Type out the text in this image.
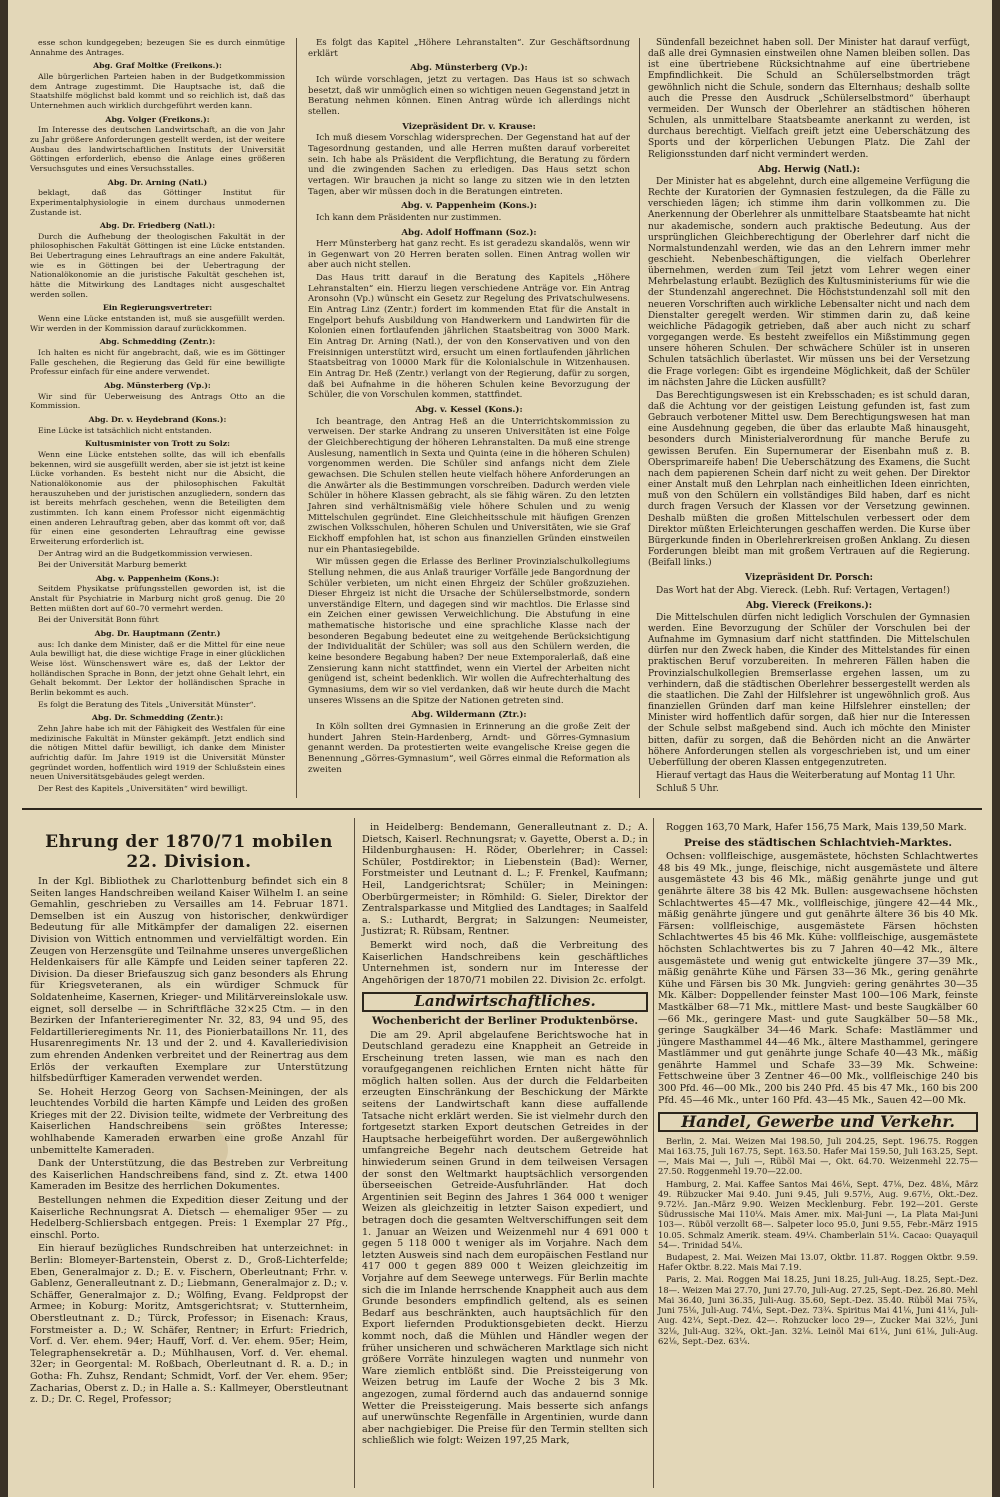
esse schon kundgegeben; bezeugen Sie es durch einmütige Annahme des Antrages.

Abg. Graf Moltke (Freikons.):

Alle bürgerlichen Parteien haben in der Budgetkommission dem Antrage zugestimmt. Die Hauptsache ist, daß die Staatshilfe möglichst bald kommt und so reichlich ist, daß das Unternehmen auch wirklich durchgeführt werden kann.

Abg. Volger (Freikons.):

Im Interesse des deutschen Landwirtschaft, an die von Jahr zu Jahr größere Anforderungen gestellt werden, ist der weitere Ausbau des landwirtschaftlichen Instituts der Universität Göttingen erforderlich, ebenso die Anlage eines größeren Versuchsgutes und eines Versuchsstalles.

Abg. Dr. Arning (Natl.)

beklagt, daß das Göttinger Institut für Experimentalphysiologie in einem durchaus unmodernen Zustande ist.

Abg. Dr. Friedberg (Natl.):

Durch die Aufhebung der theologischen Fakultät in der philosophischen Fakultät Göttingen ist eine Lücke entstanden. Bei Uebertragung eines Lehrauftrags an eine andere Fakultät, wie es in Göttingen bei der Uebertragung der Nationalökonomie an die juristische Fakultät geschehen ist, hätte die Mitwirkung des Landtages nicht ausgeschaltet werden sollen.

Ein Regierungsvertreter:

Wenn eine Lücke entstanden ist, muß sie ausgefüllt werden. Wir werden in der Kommission darauf zurückkommen.

Abg. Schmedding (Zentr.):

Ich halten es nicht für angebracht, daß, wie es im Göttinger Falle geschehen, die Regierung das Geld für eine bewilligte Professur einfach für eine andere verwendet.

Abg. Münsterberg (Vp.):

Wir sind für Ueberweisung des Antrags Otto an die Kommission.

Abg. Dr. v. Heydebrand (Kons.):

Eine Lücke ist tatsächlich nicht entstanden.

Kultusminister von Trott zu Solz:

Wenn eine Lücke entstehen sollte, das will ich ebenfalls bekennen, wird sie ausgefüllt werden, aber sie ist jetzt ist keine Lücke vorhanden. Es besteht nicht nur die Absicht, die Nationalökonomie aus der philosophischen Fakultät herauszuheben und der juristischen anzugliedern, sondern das ist bereits mehrfach geschehen, wenn die Beteiligten dem zustimmten. Ich kann einem Professor nicht eigenmächtig einen anderen Lehrauftrag geben, aber das kommt oft vor, daß für einen eine gesonderten Lehrauftrag eine gewisse Erweiterung erforderlich ist.

Der Antrag wird an die Budgetkommission verwiesen.

Bei der Universität Marburg bemerkt

Abg. v. Pappenheim (Kons.):

Seitdem Physikatse prüfungsstellen geworden ist, ist die Anstalt für Psychiatrie in Marburg nicht groß genug. Die 20 Betten müßten dort auf 60–70 vermehrt werden.

Bei der Universität Bonn führt

Abg. Dr. Hauptmann (Zentr.)

aus: Ich danke dem Minister, daß er die Mittel für eine neue Aula bewilligt hat, die diese wichtige Frage in einer glücklichen Weise löst. Wünschenswert wäre es, daß der Lektor der holländischen Sprache in Bonn, der jetzt ohne Gehalt lehrt, ein Gehalt bekommt. Der Lektor der holländischen Sprache in Berlin bekommt es auch.

Es folgt die Beratung des Titels „Universität Münster“.

Abg. Dr. Schmedding (Zentr.):

Zehn Jahre habe ich mit der Fähigkeit des Westfalen für eine medizinische Fakultät in Münster gekämpft. Jetzt endlich sind die nötigen Mittel dafür bewilligt, ich danke dem Minister aufrichtig dafür. Im Jahre 1919 ist die Universität Münster gegründet worden, hoffentlich wird 1919 der Schlußstein eines neuen Universitätsgebäudes gelegt werden.

Der Rest des Kapitels „Universitäten“ wird bewilligt.

Es folgt das Kapitel „Höhere Lehranstalten“. Zur Geschäftsordnung erklärt

Abg. Münsterberg (Vp.):

Ich würde vorschlagen, jetzt zu vertagen. Das Haus ist so schwach besetzt, daß wir unmöglich einen so wichtigen neuen Gegenstand jetzt in Beratung nehmen können. Einen Antrag würde ich allerdings nicht stellen.

Vizepräsident Dr. v. Krause:

Ich muß diesem Vorschlag widersprechen. Der Gegenstand hat auf der Tagesordnung gestanden, und alle Herren mußten darauf vorbereitet sein. Ich habe als Präsident die Verpflichtung, die Beratung zu fördern und die zwingenden Sachen zu erledigen. Das Haus setzt schon vertagen. Wir brauchen ja nicht so lange zu sitzen wie in den letzten Tagen, aber wir müssen doch in die Beratungen eintreten.

Abg. v. Pappenheim (Kons.):

Ich kann dem Präsidenten nur zustimmen.

Abg. Adolf Hoffmann (Soz.):

Herr Münsterberg hat ganz recht. Es ist geradezu skandalös, wenn wir in Gegenwart von 20 Herren beraten sollen. Einen Antrag wollen wir aber auch nicht stellen.

Das Haus tritt darauf in die Beratung des Kapitels „Höhere Lehranstalten“ ein. Hierzu liegen verschiedene Anträge vor. Ein Antrag Aronsohn (Vp.) wünscht ein Gesetz zur Regelung des Privatschulwesens. Ein Antrag Linz (Zentr.) fordert im kommenden Etat für die Anstalt in Engelport behufs Ausbildung von Handwerkern und Landwirten für die Kolonien einen fortlaufenden jährlichen Staatsbeitrag von 3000 Mark. Ein Antrag Dr. Arning (Natl.), der von den Konservativen und von den Freisinnigen unterstützt wird, ersucht um einen fortlaufenden jährlichen Staatsbeitrag von 10000 Mark für die Kolonialschule in Witzenhausen. Ein Antrag Dr. Heß (Zentr.) verlangt von der Regierung, dafür zu sorgen, daß bei Aufnahme in die höheren Schulen keine Bevorzugung der Schüler, die von Vorschulen kommen, stattfindet.

Abg. v. Kessel (Kons.):

Ich beantrage, den Antrag Heß an die Unterrichtskommission zu verweisen. Der starke Andrang zu unseren Universitäten ist eine Folge der Gleichberechtigung der höheren Lehranstalten. Da muß eine strenge Auslesung, namentlich in Sexta und Quinta (eine in die höheren Schulen) vorgenommen werden. Die Schüler sind anfangs nicht dem Ziele gewachsen. Die Schulen stellen heute vielfach höhere Anforderungen an die Anwärter als die Bestimmungen vorschreiben. Dadurch werden viele Schüler in höhere Klassen gebracht, als sie fähig wären. Zu den letzten Jahren sind verhältnismäßig viele höhere Schulen und zu wenig Mittelschulen gegründet. Eine Gleichheitsschule mit häufigen Grenzen zwischen Volksschulen, höheren Schulen und Universitäten, wie sie Graf Eickhoff empfohlen hat, ist schon aus finanziellen Gründen einstweilen nur ein Phantasiegebilde.

Wir müssen gegen die Erlasse des Berliner Provinzialschulkollegiums Stellung nehmen, die aus Anlaß trauriger Vorfälle jede Bangordnung der Schüler verbieten, um nicht einen Ehrgeiz der Schüler großzuziehen. Dieser Ehrgeiz ist nicht die Ursache der Schülerselbstmorde, sondern unverständige Eltern, und dagegen sind wir machtlos. Die Erlasse sind ein Zeichen einer gewissen Verweichlichung. Die Abstufung in eine mathematische historische und eine sprachliche Klasse nach der besonderen Begabung bedeutet eine zu weitgehende Berücksichtigung der Individualität der Schüler; was soll aus den Schülern werden, die keine besondere Begabung haben? Der neue Extemporalerlaß, daß eine Zensierung kann nicht stattfindet, wenn ein Viertel der Arbeiten nicht genügend ist, scheint bedenklich. Wir wollen die Aufrechterhaltung des Gymnasiums, dem wir so viel verdanken, daß wir heute durch die Macht unseres Wissens an die Spitze der Nationen getreten sind.

Abg. Wildermann (Ztr.):

In Köln sollten drei Gymnasien in Erinnerung an die große Zeit der hundert Jahren Stein-Hardenberg, Arndt- und Görres-Gymnasium genannt werden. Da protestierten weite evangelische Kreise gegen die Benennung „Görres-Gymnasium“, weil Görres einmal die Reformation als zweiten

Sündenfall bezeichnet haben soll. Der Minister hat darauf verfügt, daß alle drei Gymnasien einstweilen ohne Namen bleiben sollen. Das ist eine übertriebene Rücksichtnahme auf eine übertriebene Empfindlichkeit. Die Schuld an Schülerselbstmorden trägt gewöhnlich nicht die Schule, sondern das Elternhaus; deshalb sollte auch die Presse den Ausdruck „Schülerselbstmord“ überhaupt vermeiden. Der Wunsch der Oberlehrer an städtischen höheren Schulen, als unmittelbare Staatsbeamte anerkannt zu werden, ist durchaus berechtigt. Vielfach greift jetzt eine Ueberschätzung des Sports und der körperlichen Uebungen Platz. Die Zahl der Religionsstunden darf nicht vermindert werden.

Abg. Herwig (Natl.):

Der Minister hat es abgelehnt, durch eine allgemeine Verfügung die Rechte der Kuratorien der Gymnasien festzulegen, da die Fälle zu verschieden lägen; ich stimme ihm darin vollkommen zu. Die Anerkennung der Oberlehrer als unmittelbare Staatsbeamte hat nicht nur akademische, sondern auch praktische Bedeutung. Aus der ursprünglichen Gleichberechtigung der Oberlehrer darf nicht die Normalstundenzahl werden, wie das an den Lehrern immer mehr geschieht. Nebenbeschäftigungen, die vielfach Oberlehrer übernehmen, werden zum Teil jetzt vom Lehrer wegen einer Mehrbelastung erlaubt. Bezüglich des Kultusministeriums für wie die der Stundenzahl angerechnet. Die Höchststundenzahl soll mit den neueren Vorschriften auch wirkliche Lebensalter nicht und nach dem Dienstalter geregelt werden. Wir stimmen darin zu, daß keine weichliche Pädagogik getrieben, daß aber auch nicht zu scharf vorgegangen werde. Es besteht zweifellos ein Mißstimmung gegen unsere höheren Schulen. Der schwächere Schüler ist in unseren Schulen tatsächlich überlastet. Wir müssen uns bei der Versetzung die Frage vorlegen: Gibt es irgendeine Möglichkeit, daß der Schüler im nächsten Jahre die Lücken ausfüllt?

Das Berechtigungswesen ist ein Krebsschaden; es ist schuld daran, daß die Achtung vor der geistigen Leistung gefunden ist, fast zum Gebrauch verbotener Mittel usw. Dem Berechtigungswesen hat man eine Ausdehnung gegeben, die über das erlaubte Maß hinausgeht, besonders durch Ministerialverordnung für manche Berufe zu gewissen Berufen. Ein Supernumerar der Eisenbahn muß z. B. Obersprimareife haben! Die Ueberschätzung des Examens, die Sucht nach dem papierenen Schein darf nicht zu weit gehen. Der Direktor einer Anstalt muß den Lehrplan nach einheitlichen Ideen einrichten, muß von den Schülern ein vollständiges Bild haben, darf es nicht durch fragen Versuch der Klassen vor der Versetzung gewinnen. Deshalb müßten die großen Mittelschulen verbessert oder dem Direktor müßten Erleichterungen geschaffen werden. Die Kurse über Bürgerkunde finden in Oberlehrerkreisen großen Anklang. Zu diesen Forderungen bleibt man mit großem Vertrauen auf die Regierung. (Beifall links.)

Vizepräsident Dr. Porsch:

Das Wort hat der Abg. Viereck. (Lebh. Ruf: Vertagen, Vertagen!)

Abg. Viereck (Freikons.):

Die Mittelschulen dürfen nicht lediglich Vorschulen der Gymnasien werden. Eine Bevorzugung der Schüler der Vorschulen bei der Aufnahme im Gymnasium darf nicht stattfinden. Die Mittelschulen dürfen nur den Zweck haben, die Kinder des Mittelstandes für einen praktischen Beruf vorzubereiten. In mehreren Fällen haben die Provinzialschulkollegien Bremserlasse ergehen lassen, um zu verhindern, daß die städtischen Oberlehrer bessergestellt werden als die staatlichen. Die Zahl der Hilfslehrer ist ungewöhnlich groß. Aus finanziellen Gründen darf man keine Hilfslehrer einstellen; der Minister wird hoffentlich dafür sorgen, daß hier nur die Interessen der Schule selbst maßgebend sind. Auch ich möchte den Minister bitten, dafür zu sorgen, daß die Behörden nicht an die Anwärter höhere Anforderungen stellen als vorgeschrieben ist, und um einer Ueberfüllung der oberen Klassen entgegenzutreten.

Hierauf vertagt das Haus die Weiterberatung auf Montag 11 Uhr.

Schluß 5 Uhr.

Ehrung der 1870/71 mobilen 22. Division.

In der Kgl. Bibliothek zu Charlottenburg befindet sich ein 8 Seiten langes Handschreiben weiland Kaiser Wilhelm I. an seine Gemahlin, geschrieben zu Versailles am 14. Februar 1871. Demselben ist ein Auszug von historischer, denkwürdiger Bedeutung für alle Mitkämpfer der damaligen 22. eisernen Division von Wittich entnommen und vervielfältigt worden. Ein Zeugen von Herzensgüte und Teilnahme unseres unvergeßlichen Heldenkaisers für alle Kämpfe und Leiden seiner tapferen 22. Division. Da dieser Briefauszug sich ganz besonders als Ehrung für Kriegsveteranen, als ein würdiger Schmuck für Soldatenheime, Kasernen, Krieger- und Militärvereinslokale usw. eignet, soll derselbe — in Schriftfläche 32×25 Ctm. — in den Bezirken der Infanterieregimenter Nr. 32, 83, 94 und 95, des Feldartillerieregiments Nr. 11, des Pionierbataillons Nr. 11, des Husarenregiments Nr. 13 und der 2. und 4. Kavalleriedivision zum ehrenden Andenken verbreitet und der Reinertrag aus dem Erlös der verkauften Exemplare zur Unterstützung hilfsbedürftiger Kameraden verwendet werden.

Se. Hoheit Herzog Georg von Sachsen-Meiningen, der als leuchtendes Vorbild die harten Kämpfe und Leiden des großen Krieges mit der 22. Division teilte, widmete der Verbreitung des Kaiserlichen Handschreibens sein größtes Interesse; wohlhabende Kameraden erwarben eine große Anzahl für unbemittelte Kameraden.

Dank der Unterstützung, die das Bestreben zur Verbreitung des Kaiserlichen Handschreibens fand, sind z. Zt. etwa 1400 Kameraden im Besitze des herrlichen Dokumentes.

Bestellungen nehmen die Expedition dieser Zeitung und der Kaiserliche Rechnungsrat A. Dietsch — ehemaliger 95er — zu Hedelberg-Schliersbach entgegen. Preis: 1 Exemplar 27 Pfg., einschl. Porto.

Ein hierauf bezügliches Rundschreiben hat unterzeichnet: in Berlin: Blomeyer-Bartenstein, Oberst z. D., Groß-Lichterfelde; Eben, Generalmajor z. D.; E. v. Fischern, Oberleutnant; Frhr. v. Gablenz, Generalleutnant z. D.; Liebmann, Generalmajor z. D.; v. Schäffer, Generalmajor z. D.; Wölfing, Evang. Feldpropst der Armee; in Koburg: Moritz, Amtsgerichtsrat; v. Stutternheim, Oberstleutnant z. D.; Türck, Professor; in Eisenach: Kraus, Forstmeister a. D.; W. Schäfer, Rentner; in Erfurt: Friedrich, Vorf. d. Ver. ehem. 94er; Hauff, Vorf. d. Ver. ehem. 95er; Heim, Telegraphensekretär a. D.; Mühlhausen, Vorf. d. Ver. ehemal. 32er; in Georgental: M. Roßbach, Oberleutnant d. R. a. D.; in Gotha: Fh. Zuhsz, Rendant; Schmidt, Vorf. der Ver. ehem. 95er; Zacharias, Oberst z. D.; in Halle a. S.: Kallmeyer, Oberstleutnant z. D.; Dr. C. Regel, Professor;

in Heidelberg: Bendemann, Generalleutnant z. D.; A. Dietsch, Kaiserl. Rechnungsrat; v. Gayette, Oberst a. D.; in Hildenburghausen: H. Röder, Oberlehrer; in Cassel: Schüler, Postdirektor; in Liebenstein (Bad): Werner, Forstmeister und Leutnant d. L.; F. Frenkel, Kaufmann; Heil, Landgerichtsrat; Schüler; in Meiningen: Oberbürgermeister; in Römhild: G. Sieler, Direktor der Zentralsparkasse und Mitglied des Landtages; in Saalfeld a. S.: Luthardt, Bergrat; in Salzungen: Neumeister, Justizrat; R. Rübsam, Rentner.

Bemerkt wird noch, daß die Verbreitung des Kaiserlichen Handschreibens kein geschäftliches Unternehmen ist, sondern nur im Interesse der Angehörigen der 1870/71 mobilen 22. Division 2c. erfolgt.

Landwirtschaftliches.
Wochenbericht der Berliner Produktenbörse.

Die am 29. April abgelaufene Berichtswoche hat in Deutschland geradezu eine Knappheit an Getreide in Erscheinung treten lassen, wie man es nach den voraufgegangenen reichlichen Ernten nicht hätte für möglich halten sollen. Aus der durch die Feldarbeiten erzeugten Einschränkung der Beschickung der Märkte seitens der Landwirtschaft kann diese auffallende Tatsache nicht erklärt werden. Sie ist vielmehr durch den fortgesetzt starken Export deutschen Getreides in der Hauptsache herbeigeführt worden. Der außergewöhnlich umfangreiche Begehr nach deutschem Getreide hat hinwiederum seinen Grund in dem teilweisen Versagen der sonst den Weltmarkt hauptsächlich versorgenden überseeischen Getreide-Ausfuhrländer. Hat doch Argentinien seit Beginn des Jahres 1 364 000 t weniger Weizen als gleichzeitig in letzter Saison expediert, und betragen doch die gesamten Weltverschiffungen seit dem 1. Januar an Weizen und Weizenmehl nur 4 691 000 t gegen 5 118 000 t weniger als im Vorjahre. Nach dem letzten Ausweis sind nach dem europäischen Festland nur 417 000 t gegen 889 000 t Weizen gleichzeitig im Vorjahre auf dem Seewege unterwegs. Für Berlin machte sich die im Inlande herrschende Knappheit auch aus dem Grunde besonders empfindlich geltend, als es seinen Bedarf aus beschränkten, auch hauptsächlich für den Export liefernden Produktionsgebieten deckt. Hierzu kommt noch, daß die Mühlen und Händler wegen der früher unsicheren und schwächeren Marktlage sich nicht größere Vorräte hinzulegen wagten und nunmehr von Ware ziemlich entblößt sind. Die Preissteigerung von Weizen betrug im Laufe der Woche 2 bis 3 Mk. angezogen, zumal fördernd auch das andauernd sonnige Wetter die Preissteigerung. Mais besserte sich anfangs auf unerwünschte Regenfälle in Argentinien, wurde dann aber nachgiebiger. Die Preise für den Termin stellten sich schließlich wie folgt: Weizen 197,25 Mark,

Roggen 163,70 Mark, Hafer 156,75 Mark, Mais 139,50 Mark.

Preise des städtischen Schlachtvieh-Marktes.

Ochsen: vollfleischige, ausgemästete, höchsten Schlachtwertes 48 bis 49 Mk., junge, fleischige, nicht ausgemästete und ältere ausgemästete 43 bis 46 Mk., mäßig genährte junge und gut genährte ältere 38 bis 42 Mk. Bullen: ausgewachsene höchsten Schlachtwertes 45—47 Mk., vollfleischige, jüngere 42—44 Mk., mäßig genährte jüngere und gut genährte ältere 36 bis 40 Mk. Färsen: vollfleischige, ausgemästete Färsen höchsten Schlachtwertes 45 bis 46 Mk. Kühe: vollfleischige, ausgemästete höchsten Schlachtwertes bis zu 7 Jahren 40—42 Mk., ältere ausgemästete und wenig gut entwickelte jüngere 37—39 Mk., mäßig genährte Kühe und Färsen 33—36 Mk., gering genährte Kühe und Färsen bis 30 Mk. Jungvieh: gering genährtes 30—35 Mk. Kälber: Doppellender feinster Mast 100—106 Mark, feinste Mastkälber 68—71 Mk., mittlere Mast- und beste Saugkälber 60—66 Mk., geringere Mast- und gute Saugkälber 50—58 Mk., geringe Saugkälber 34—46 Mark. Schafe: Mastlämmer und jüngere Masthammel 44—46 Mk., ältere Masthammel, geringere Mastlämmer und gut genährte junge Schafe 40—43 Mk., mäßig genährte Hammel und Schafe 33—39 Mk. Schweine: Fettschweine über 3 Zentner 46—00 Mk., vollfleischige 240 bis 300 Pfd. 46—00 Mk., 200 bis 240 Pfd. 45 bis 47 Mk., 160 bis 200 Pfd. 45—46 Mk., unter 160 Pfd. 43—45 Mk., Sauen 42—00 Mk.

Handel, Gewerbe und Verkehr.

Berlin, 2. Mai. Weizen Mai 198.50, Juli 204.25, Sept. 196.75. Roggen Mai 163.75, Juli 167.75, Sept. 163.50. Hafer Mai 159.50, Juli 163.25, Sept. —, Mais Mai —, Juli —, Rüböl Mai —, Okt. 64.70. Weizenmehl 22.75—27.50. Roggenmehl 19.70—22.00.

Hamburg, 2. Mai. Kaffee Santos Mai 46⅛, Sept. 47⅛, Dez. 48⅛, März 49. Rübzucker Mai 9.40. Juni 9.45, Juli 9.57½, Aug. 9.67½, Okt.-Dez. 9.72½. Jan.-März 9.90. Weizen Mecklenburg. Febr. 192—201. Gerste Südrussische Mai 110¼. Mais Amer. mix. Mai-Juni —, La Plata Mai-Juni 103—. Rüböl verzollt 68—. Salpeter loco 95.0, Juni 9.55, Febr.-März 1915 10.05. Schmalz Amerik. steam. 49¼. Chamberlain 51¼. Cacao: Quayaquil 54—. Trinidad 54⅛.

Budapest, 2. Mai. Weizen Mai 13.07, Oktbr. 11.87. Roggen Oktbr. 9.59. Hafer Oktbr. 8.22. Mais Mai 7.19.

Paris, 2. Mai. Roggen Mai 18.25, Juni 18.25, Juli-Aug. 18.25, Sept.-Dez. 18—. Weizen Mai 27.70, Juni 27.70, Juli-Aug. 27.25, Sept.-Dez. 26.80. Mehl Mai 36.40, Juni 36.35, Juli-Aug. 35.60, Sept.-Dez. 35.40. Rüböl Mai 75¾, Juni 75⅛, Juli-Aug. 74⅛, Sept.-Dez. 73¾. Spiritus Mai 41⅛, Juni 41¼, Juli-Aug. 42¼, Sept.-Dez. 42—. Rohzucker loco 29—, Zucker Mai 32½, Juni 32⅛, Juli-Aug. 32¾, Okt.-Jan. 32⅛. Leinöl Mai 61¼, Juni 61⅛, Juli-Aug. 62⅛, Sept.-Dez. 63¼.
